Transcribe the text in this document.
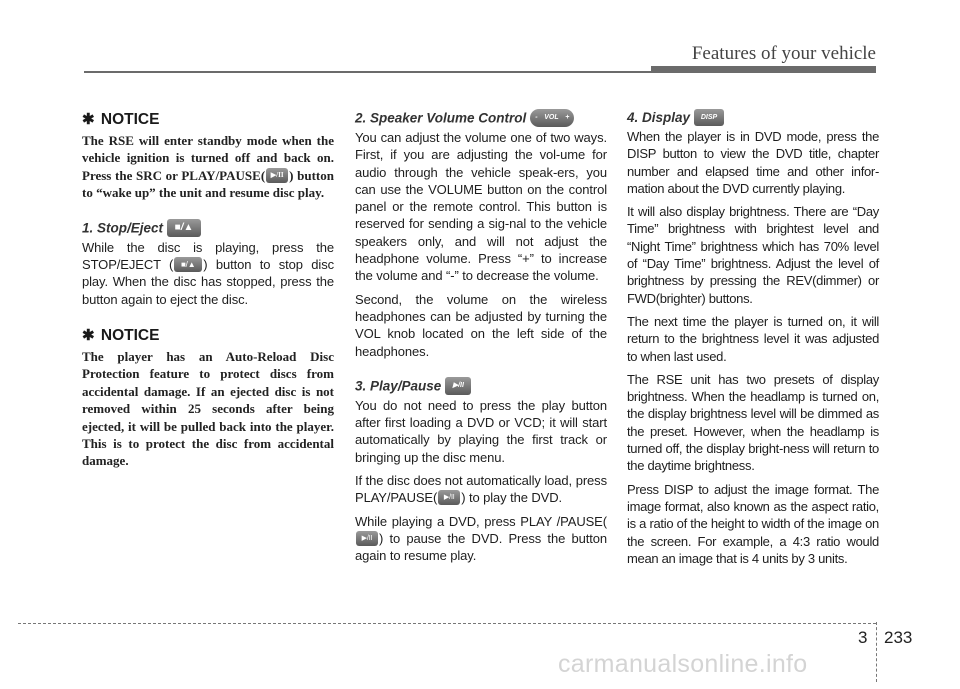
Features of your vehicle
✱ NOTICE

The RSE will enter standby mode when the vehicle ignition is turned off and back on. Press the SRC or PLAY/PAUSE( ▶/II ) button to “wake up” the unit and resume disc play.

1. Stop/Eject ■/▲

While the disc is playing, press the STOP/EJECT ( ■/▲ ) button to stop disc play. When the disc has stopped, press the button again to eject the disc.

✱ NOTICE

The player has an Auto-Reload Disc Protection feature to protect discs from accidental damage. If an ejected disc is not removed within 25 seconds after being ejected, it will be pulled back into the player. This is to protect the disc from accidental damage.

2. Speaker Volume Control - VOL +

You can adjust the volume one of two ways. First, if you are adjusting the vol-ume for audio through the vehicle speak-ers, you can use the VOLUME button on the control panel or the remote control. This button is reserved for sending a sig-nal to the vehicle speakers only, and will not adjust the headphone volume. Press “+” to increase the volume and “-” to decrease the volume.

Second, the volume on the wireless headphones can be adjusted by turning the VOL knob located on the left side of the headphones.

3. Play/Pause ▶/II

You do not need to press the play button after first loading a DVD or VCD; it will start automatically by playing the first track or bringing up the disc menu.

If the disc does not automatically load, press PLAY/PAUSE( ▶/II ) to play the DVD.

While playing a DVD, press PLAY /PAUSE(▶/II ) to pause the DVD. Press the button again to resume play.

4. Display DISP

When the player is in DVD mode, press the DISP button to view the DVD title, chapter number and elapsed time and other infor-mation about the DVD currently playing.

It will also display brightness. There are “Day Time” brightness with brightest level and “Night Time” brightness which has 70% level of “Day Time” brightness. Adjust the level of brightness by pressing the REV(dimmer) or FWD(brighter) buttons.

The next time the player is turned on, it will return to the brightness level it was adjusted to when last used.

The RSE unit has two presets of display brightness. When the headlamp is turned on, the display brightness level will be dimmed as the preset. However, when the headlamp is turned off, the display bright-ness will return to the daytime brightness.

Press DISP to adjust the image format. The image format, also known as the aspect ratio, is a ratio of the height to width of the image on the screen. For example, a 4:3 ratio would mean an image that is 4 units by 3 units.

3 233
carmanualsonline.info
